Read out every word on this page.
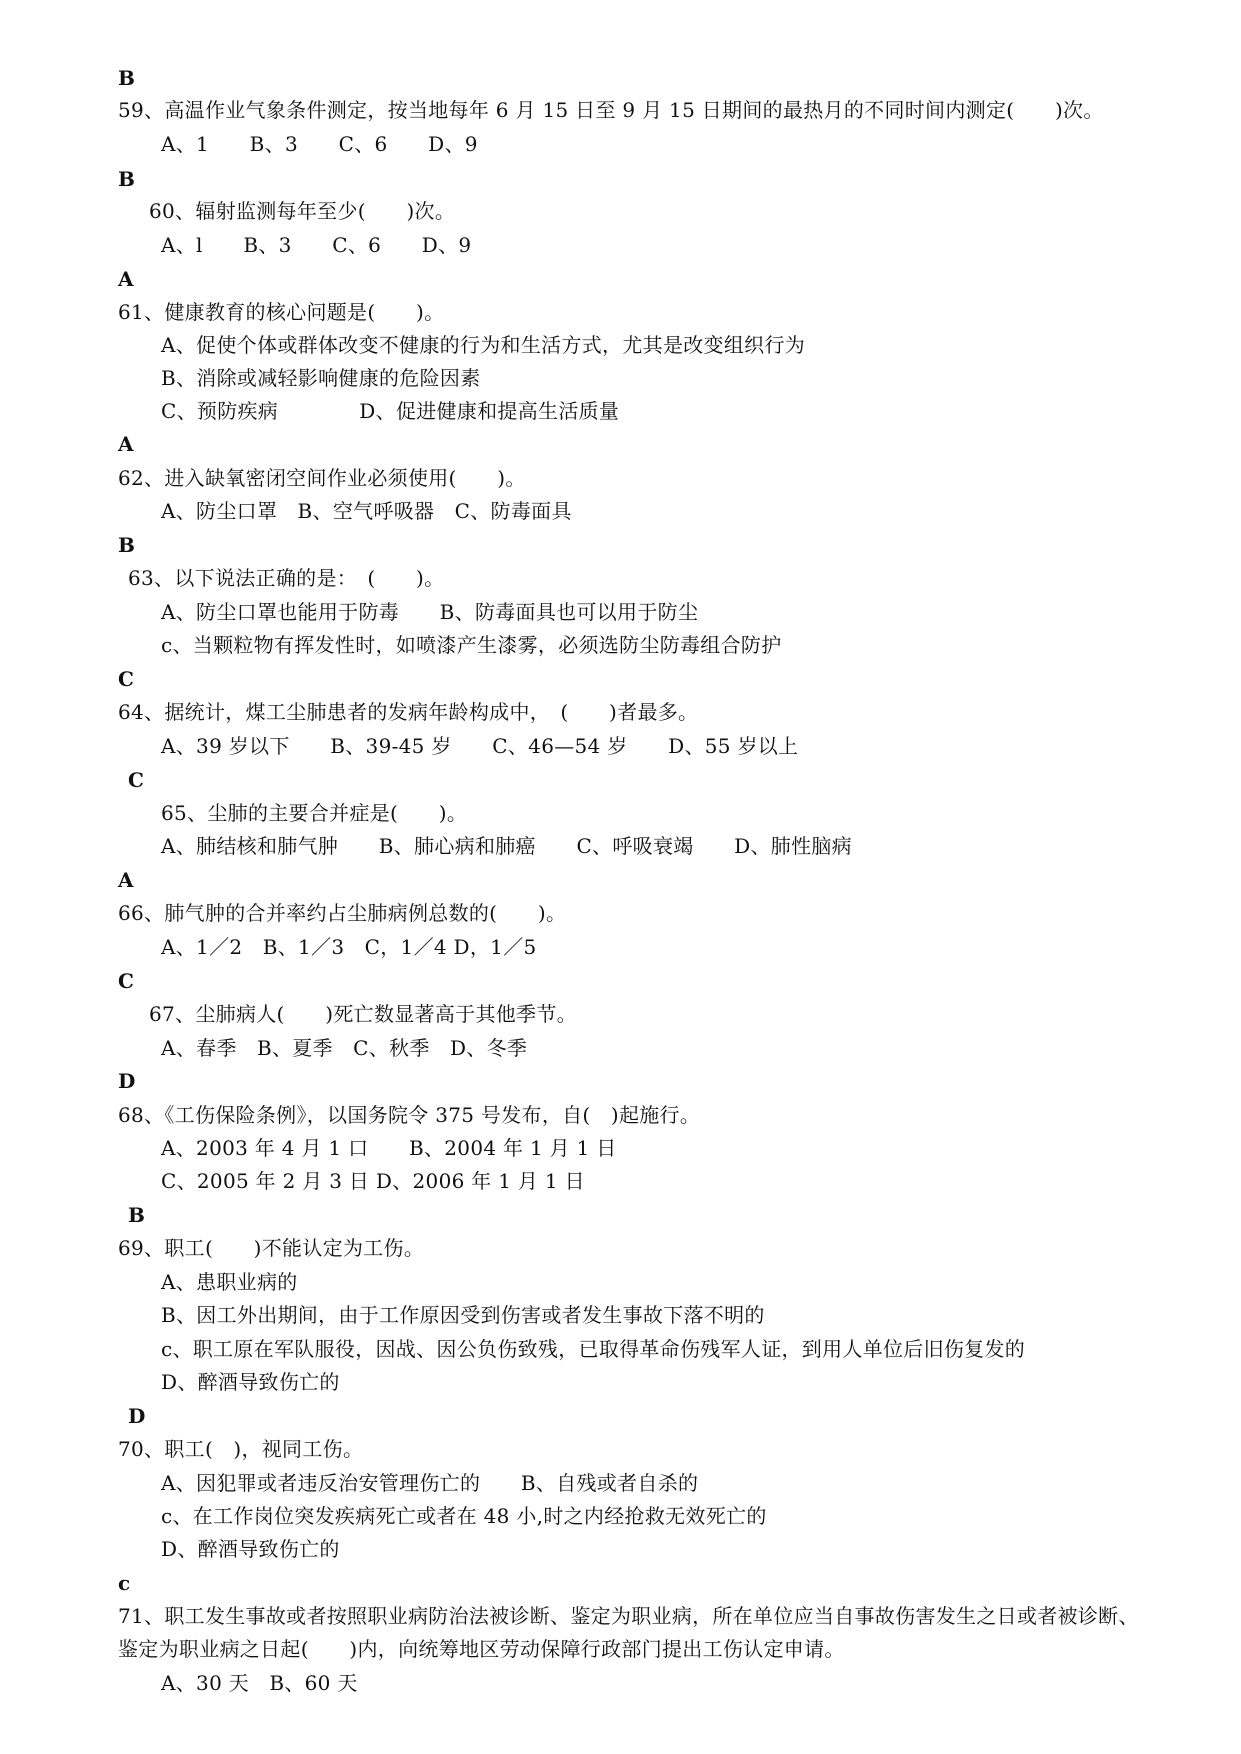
B
59、高温作业气象条件测定，按当地每年 6 月 15 日至 9 月 15 日期间的最热月的不同时间内测定(　　)次。
A、1　　B、3　　C、6　　D、9
B
60、辐射监测每年至少(　　)次。
A、l　　B、3　　C、6　　D、9
A
61、健康教育的核心问题是(　　)。
A、促使个体或群体改变不健康的行为和生活方式，尤其是改变组织行为
B、消除或减轻影响健康的危险因素
C、预防疾病　　　　D、促进健康和提高生活质量
A
62、进入缺氧密闭空间作业必须使用(　　)。
A、防尘口罩　B、空气呼吸器　C、防毒面具
B
63、以下说法正确的是：　(　　)。
A、防尘口罩也能用于防毒　　B、防毒面具也可以用于防尘
c、当颗粒物有挥发性时，如喷漆产生漆雾，必须选防尘防毒组合防护
C
64、据统计，煤工尘肺患者的发病年龄构成中，　(　　)者最多。
A、39 岁以下　　B、39-45 岁　　C、46—54 岁　　D、55 岁以上
C
65、尘肺的主要合并症是(　　)。
A、肺结核和肺气肿　　B、肺心病和肺癌　　C、呼吸衰竭　　D、肺性脑病
A
66、肺气肿的合并率约占尘肺病例总数的(　　)。
A、1／2　B、1／3　C，1／4 D，1／5
C
67、尘肺病人(　　)死亡数显著高于其他季节。
A、春季　B、夏季　C、秋季　D、冬季
D
68、《工伤保险条例》，以国务院令 375 号发布，自(　)起施行。
A、2003 年 4 月 1 口　　B、2004 年 1 月 1 日
C、2005 年 2 月 3 日 D、2006 年 1 月 1 日
B
69、职工(　　)不能认定为工伤。
A、患职业病的
B、因工外出期间，由于工作原因受到伤害或者发生事故下落不明的
c、职工原在军队服役，因战、因公负伤致残，已取得革命伤残军人证，到用人单位后旧伤复发的
D、醉酒导致伤亡的
D
70、职工(　)，视同工伤。
A、因犯罪或者违反治安管理伤亡的　　B、自残或者自杀的
c、在工作岗位突发疾病死亡或者在 48 小,时之内经抢救无效死亡的
D、醉酒导致伤亡的
c
71、职工发生事故或者按照职业病防治法被诊断、鉴定为职业病，所在单位应当自事故伤害发生之日或者被诊断、
鉴定为职业病之日起(　　)内，向统筹地区劳动保障行政部门提出工伤认定申请。
A、30 天　B、60 天
